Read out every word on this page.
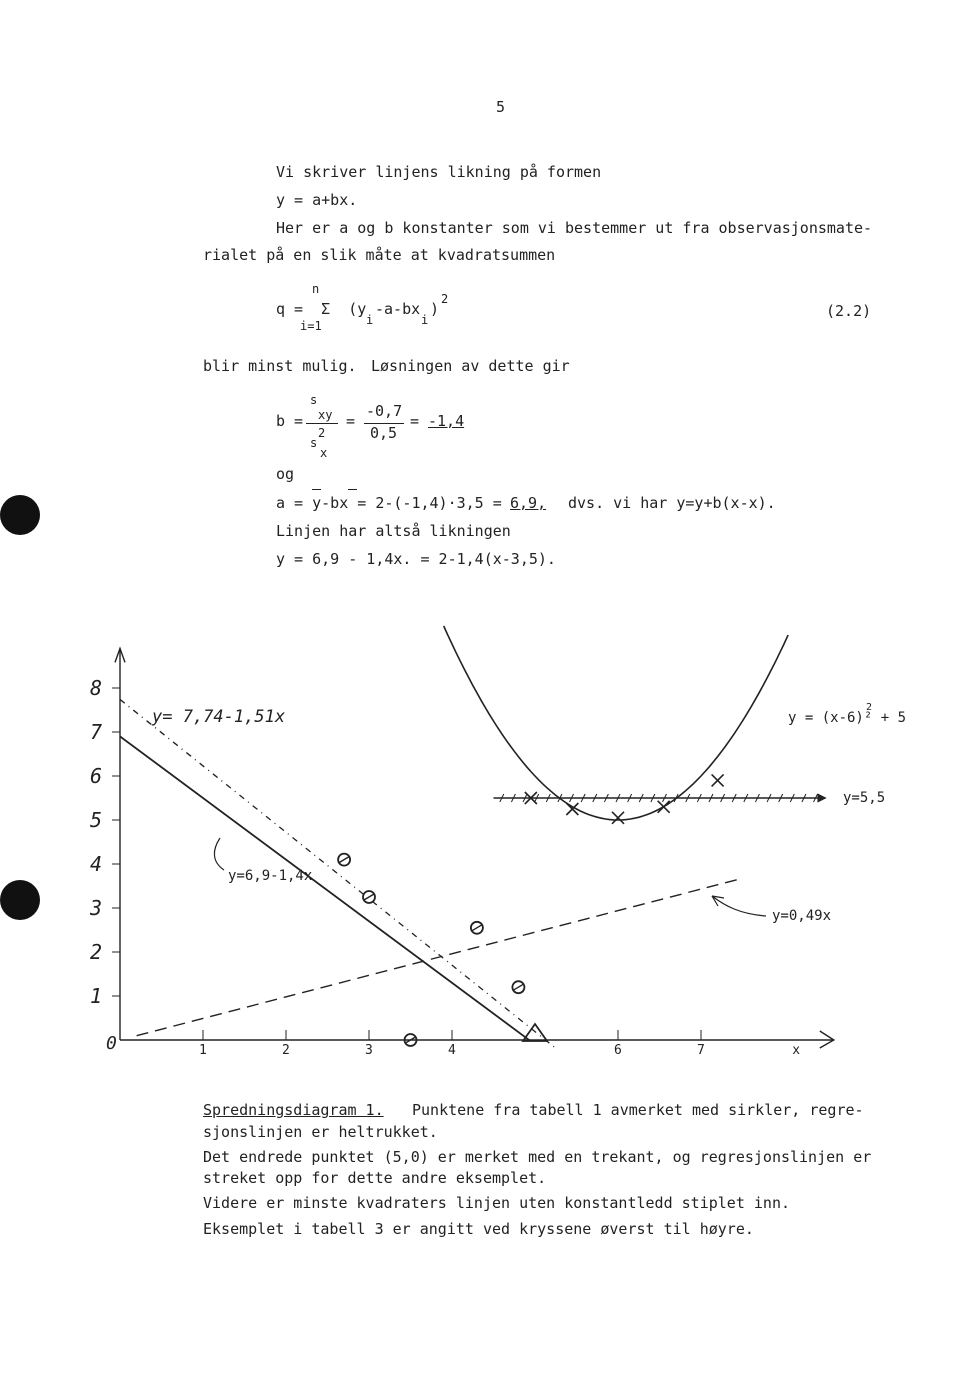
5
Vi skriver linjens likning på formen
y = a+bx.
Her er a og b konstanter som vi bestemmer ut fra observasjonsmate-
rialet på en slik måte at kvadratsummen
n
2
q =  Σ  (y
i
-a-bx
i
)
i=1
(2.2)
blir minst mulig. Løsningen av dette gir
s
b = xy
2
s
x
=
-0,7
0,5
= -1,4
og
a = y-bx = 2-(-1,4)·3,5 = 6,9, dvs. vi har y=y+b(x-x).
Linjen har altså likningen
y = 6,9 - 1,4x. = 2-1,4(x-3,5).
1	2	3	4	6	7	x
0
1
2
3
4
5
6
7
8
y= 7,74-1,51x
y=6,9-1,4x
y=0,49x
y = (x-6)² + 5
2
y=5,5
Spredningsdiagram 1. Punktene fra tabell 1 avmerket med sirkler, regre-
sjonslinjen er heltrukket.
Det endrede punktet (5,0) er merket med en trekant, og regresjonslinjen er
streket opp for dette andre eksemplet.
Videre er minste kvadraters linjen uten konstantledd stiplet inn.
Eksemplet i tabell 3 er angitt ved kryssene øverst til høyre.
